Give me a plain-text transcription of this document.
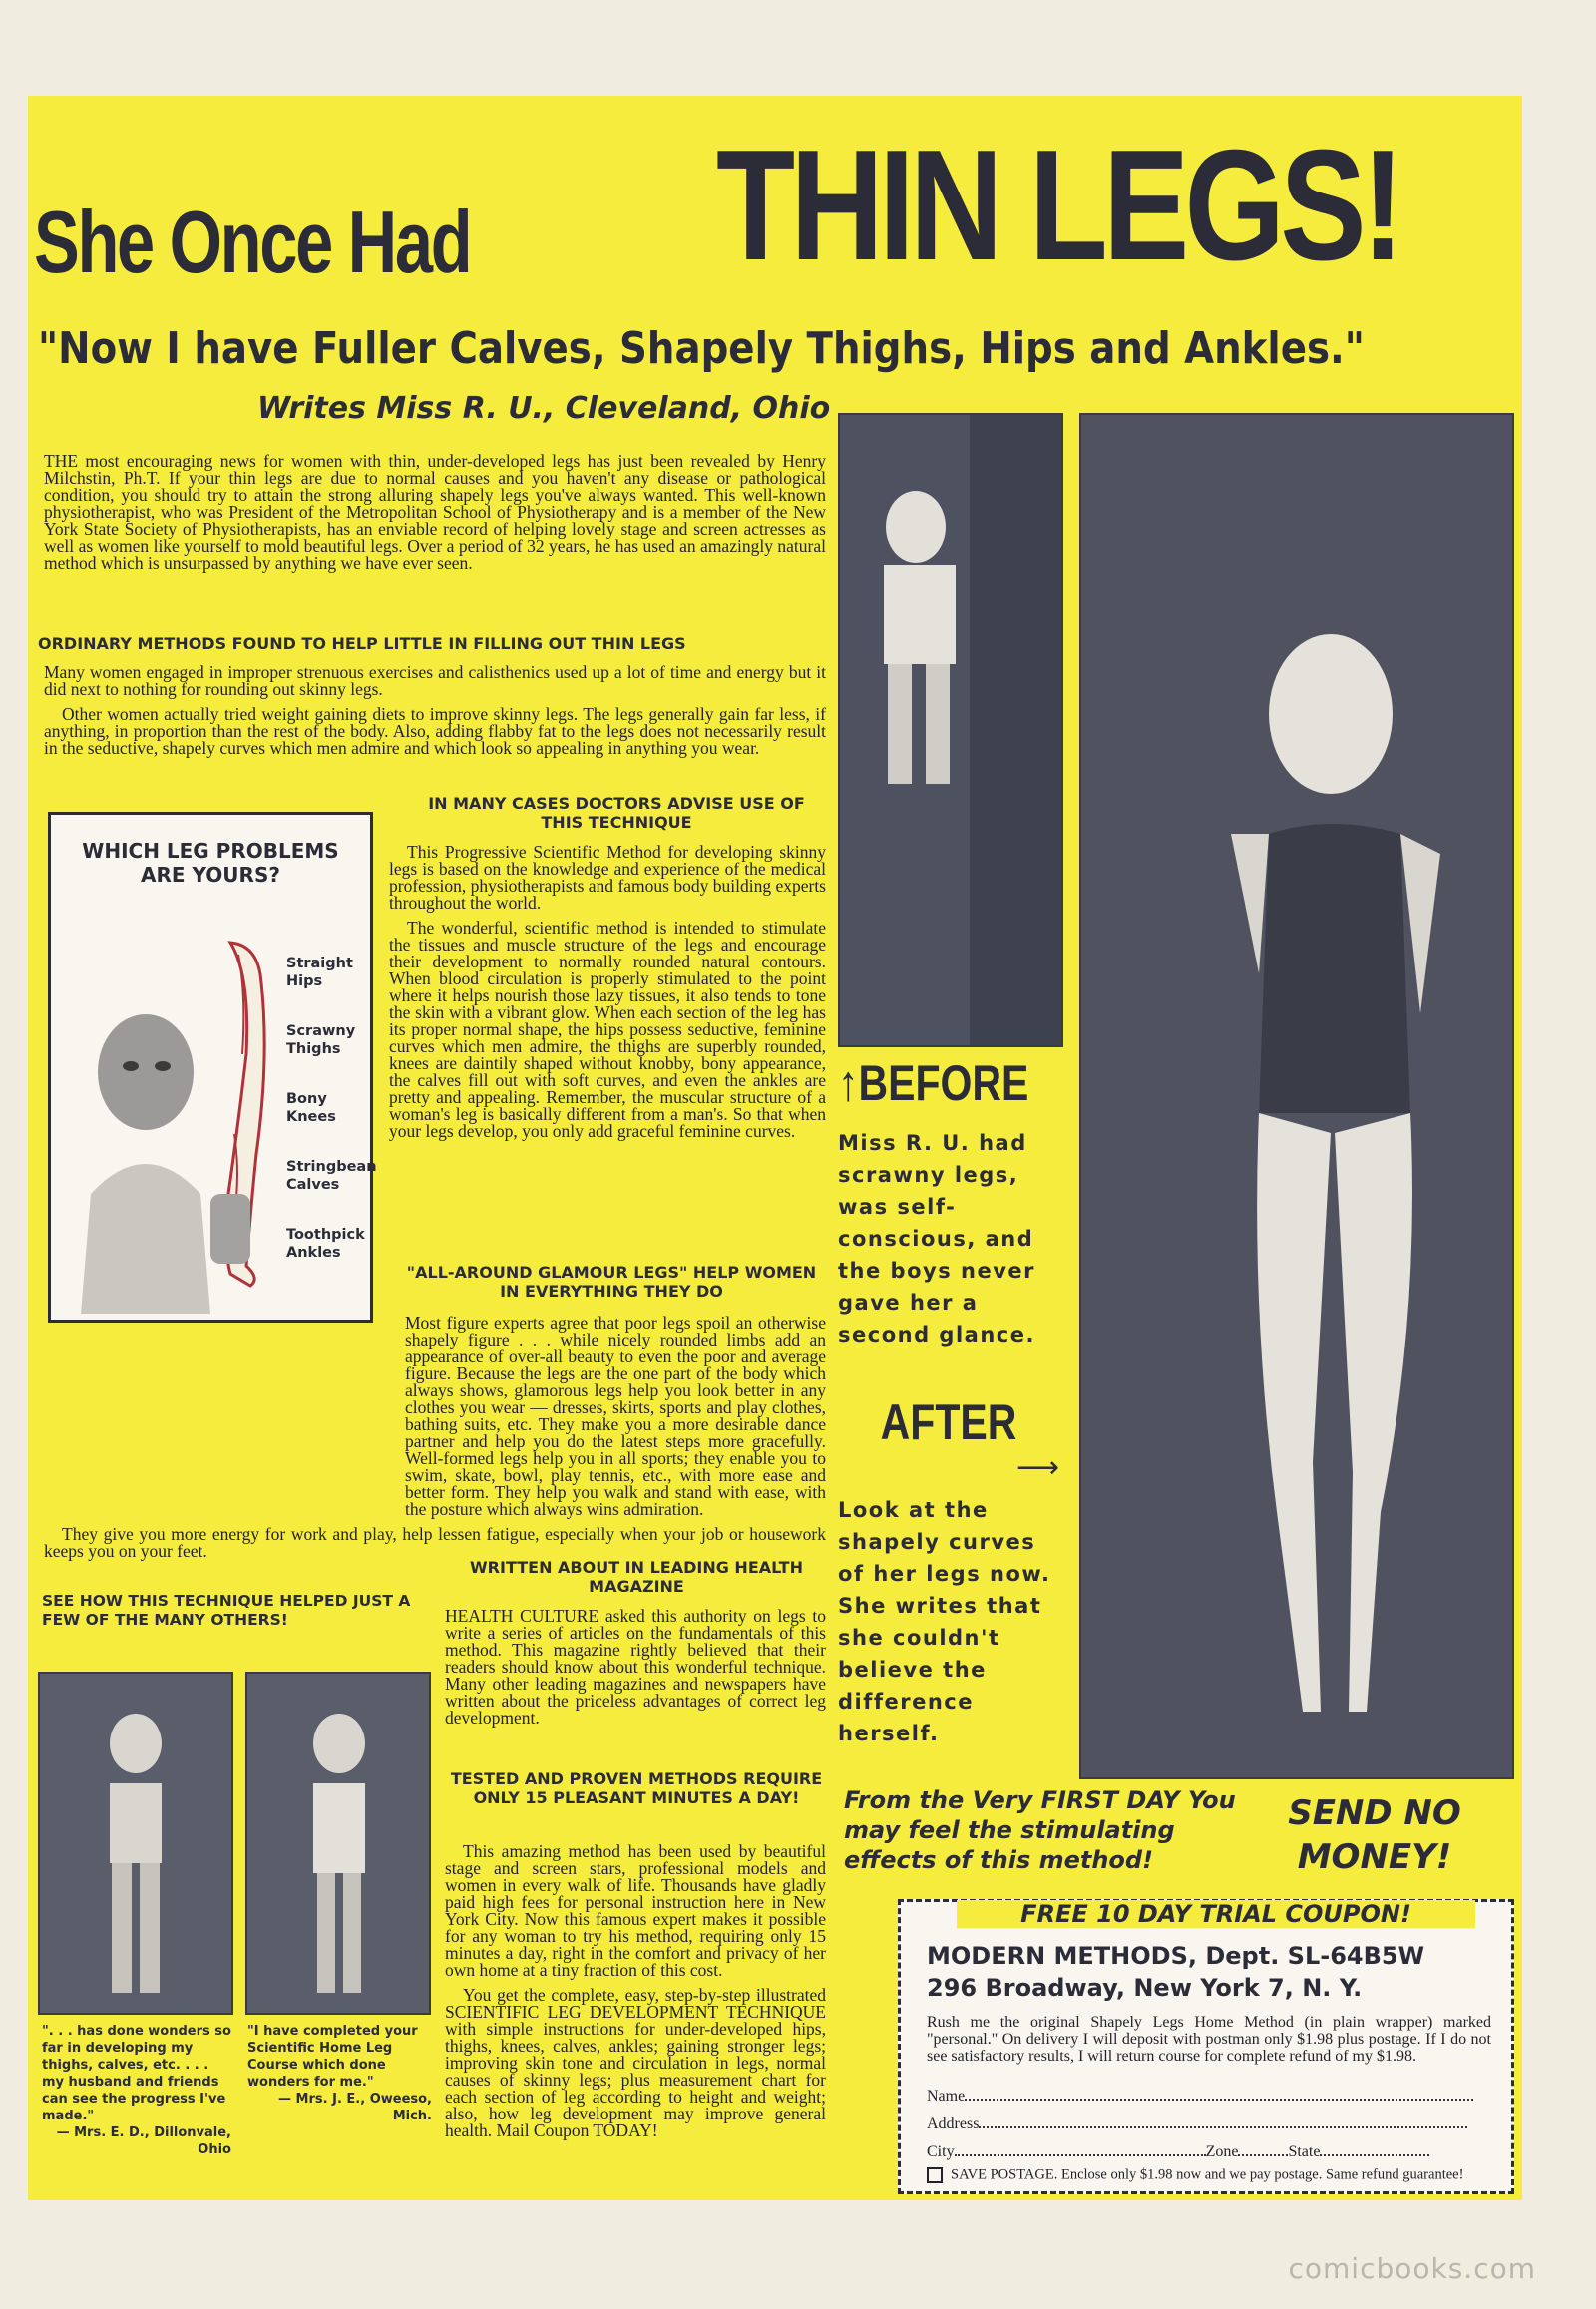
She Once Had THIN LEGS!
"Now I have Fuller Calves, Shapely Thighs, Hips and Ankles."
Writes Miss R. U., Cleveland, Ohio

THE most encouraging news for women with thin, under-developed legs has just been revealed by Henry Milchstin, Ph.T. If your thin legs are due to normal causes and you haven't any disease or pathological condition, you should try to attain the strong alluring shapely legs you've always wanted. This well-known physiotherapist, who was President of the Metropolitan School of Physiotherapy and is a member of the New York State Society of Physiotherapists, has an enviable record of helping lovely stage and screen actresses as well as women like yourself to mold beautiful legs. Over a period of 32 years, he has used an amazingly natural method which is unsurpassed by anything we have ever seen.

ORDINARY METHODS FOUND TO HELP LITTLE IN FILLING OUT THIN LEGS

Many women engaged in improper strenuous exercises and calisthenics used up a lot of time and energy but it did next to nothing for rounding out skinny legs.

Other women actually tried weight gaining diets to improve skinny legs. The legs generally gain far less, if anything, in proportion than the rest of the body. Also, adding flabby fat to the legs does not necessarily result in the seductive, shapely curves which men admire and which look so appealing in anything you wear.

WHICH LEG PROBLEMS ARE YOURS?
Straight Hips
Scrawny Thighs
Bony Knees
Stringbean Calves
Toothpick Ankles
IN MANY CASES DOCTORS ADVISE USE OF THIS TECHNIQUE

This Progressive Scientific Method for developing skinny legs is based on the knowledge and experience of the medical profession, physiotherapists and famous body building experts throughout the world.

The wonderful, scientific method is intended to stimulate the tissues and muscle structure of the legs and encourage their development to normally rounded natural contours. When blood circulation is properly stimulated to the point where it helps nourish those lazy tissues, it also tends to tone the skin with a vibrant glow. When each section of the leg has its proper normal shape, the hips possess seductive, feminine curves which men admire, the thighs are superbly rounded, knees are daintily shaped without knobby, bony appearance, the calves fill out with soft curves, and even the ankles are pretty and appealing. Remember, the muscular structure of a woman's leg is basically different from a man's. So that when your legs develop, you only add graceful feminine curves.

"ALL-AROUND GLAMOUR LEGS" HELP WOMEN IN EVERYTHING THEY DO

Most figure experts agree that poor legs spoil an otherwise shapely figure . . . while nicely rounded limbs add an appearance of over-all beauty to even the poor and average figure. Because the legs are the one part of the body which always shows, glamorous legs help you look better in any clothes you wear — dresses, skirts, sports and play clothes, bathing suits, etc. They make you a more desirable dance partner and help you do the latest steps more gracefully. Well-formed legs help you in all sports; they enable you to swim, skate, bowl, play tennis, etc., with more ease and better form. They help you walk and stand with ease, with the posture which always wins admiration.

They give you more energy for work and play, help lessen fatigue, especially when your job or housework keeps you on your feet.

SEE HOW THIS TECHNIQUE HELPED JUST A FEW OF THE MANY OTHERS!
". . . has done wonders so far in developing my thighs, calves, etc. . . . my husband and friends can see the progress I've made."
— Mrs. E. D., Dillonvale, Ohio
"I have completed your Scientific Home Leg Course which done wonders for me."
— Mrs. J. E., Oweeso, Mich.
WRITTEN ABOUT IN LEADING HEALTH MAGAZINE

HEALTH CULTURE asked this authority on legs to write a series of articles on the fundamentals of this method. This magazine rightly believed that their readers should know about this wonderful technique. Many other leading magazines and newspapers have written about the priceless advantages of correct leg development.

TESTED AND PROVEN METHODS REQUIRE ONLY 15 PLEASANT MINUTES A DAY!

This amazing method has been used by beautiful stage and screen stars, professional models and women in every walk of life. Thousands have gladly paid high fees for personal instruction here in New York City. Now this famous expert makes it possible for any woman to try his method, requiring only 15 minutes a day, right in the comfort and privacy of her own home at a tiny fraction of this cost.

You get the complete, easy, step-by-step illustrated SCIENTIFIC LEG DEVELOPMENT TECHNIQUE with simple instructions for under-developed hips, thighs, knees, calves, ankles; gaining stronger legs; improving skin tone and circulation in legs, normal causes of skinny legs; plus measurement chart for each section of leg according to height and weight; also, how leg development may improve general health. Mail Coupon TODAY!

↑BEFORE
Miss R. U. had scrawny legs, was self-conscious, and the boys never gave her a second glance.
AFTER
⟶
Look at the shapely curves of her legs now. She writes that she couldn't believe the difference herself.
From the Very FIRST DAY You may feel the stimulating effects of this method!
SEND NO MONEY!
FREE 10 DAY TRIAL COUPON!
MODERN METHODS, Dept. SL-64B5W
296 Broadway, New York 7, N. Y.
Rush me the original Shapely Legs Home Method (in plain wrapper) marked "personal." On delivery I will deposit with postman only $1.98 plus postage. If I do not see satisfactory results, I will return course for complete refund of my $1.98.
Name
Address
City	Zone	State
SAVE POSTAGE. Enclose only $1.98 now and we pay postage. Same refund guarantee!
comicbooks.com
